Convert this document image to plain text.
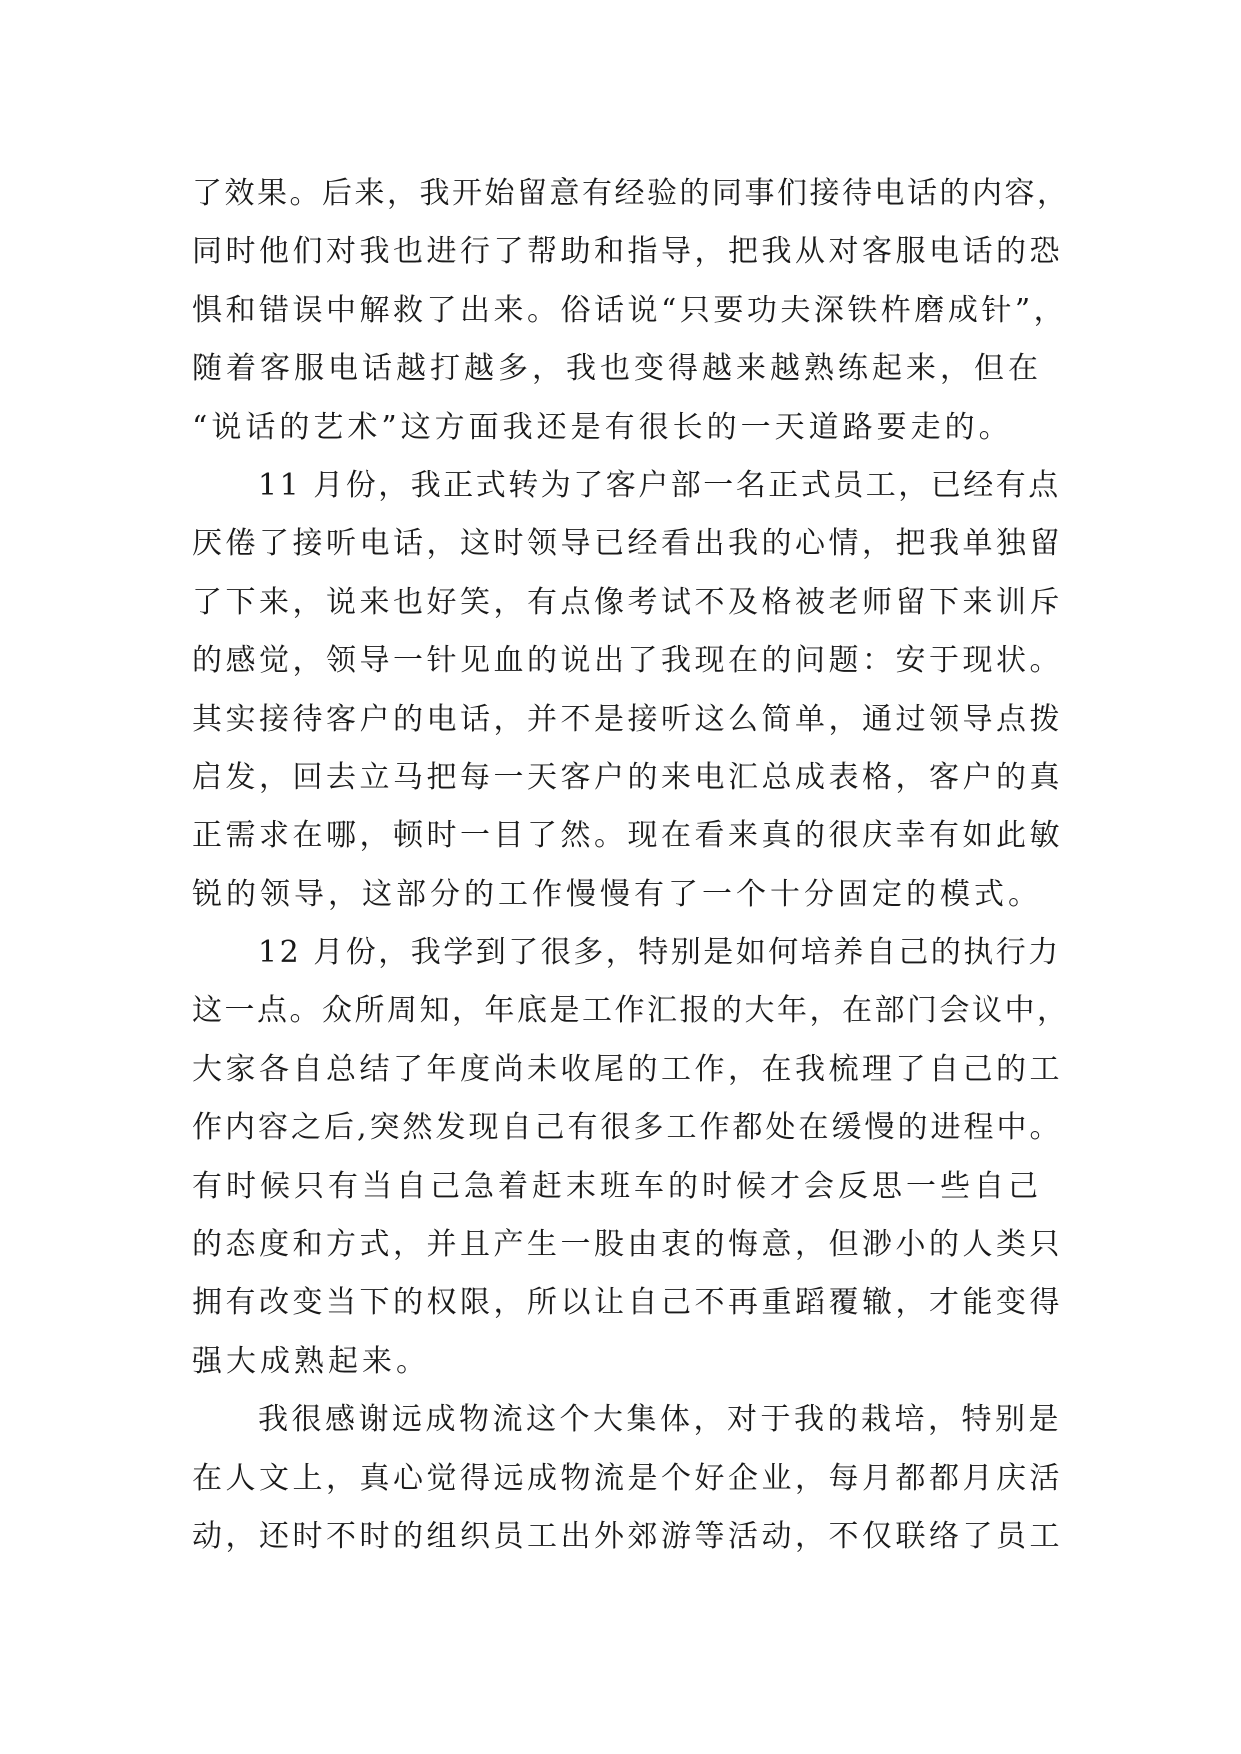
了效果。后来，我开始留意有经验的同事们接待电话的内容，
同时他们对我也进行了帮助和指导，把我从对客服电话的恐
惧和错误中解救了出来。俗话说“只要功夫深铁杵磨成针”，
随着客服电话越打越多，我也变得越来越熟练起来，但在
“说话的艺术”这方面我还是有很长的一天道路要走的。
11 月份，我正式转为了客户部一名正式员工，已经有点
厌倦了接听电话，这时领导已经看出我的心情，把我单独留
了下来，说来也好笑，有点像考试不及格被老师留下来训斥
的感觉，领导一针见血的说出了我现在的问题：安于现状。
其实接待客户的电话，并不是接听这么简单，通过领导点拨
启发，回去立马把每一天客户的来电汇总成表格，客户的真
正需求在哪，顿时一目了然。现在看来真的很庆幸有如此敏
锐的领导，这部分的工作慢慢有了一个十分固定的模式。
12 月份，我学到了很多，特别是如何培养自己的执行力
这一点。众所周知，年底是工作汇报的大年，在部门会议中，
大家各自总结了年度尚未收尾的工作，在我梳理了自己的工
作内容之后,突然发现自己有很多工作都处在缓慢的进程中。
有时候只有当自己急着赶末班车的时候才会反思一些自己
的态度和方式，并且产生一股由衷的悔意，但渺小的人类只
拥有改变当下的权限，所以让自己不再重蹈覆辙，才能变得
强大成熟起来。
我很感谢远成物流这个大集体，对于我的栽培，特别是
在人文上，真心觉得远成物流是个好企业，每月都都月庆活
动，还时不时的组织员工出外郊游等活动，不仅联络了员工
